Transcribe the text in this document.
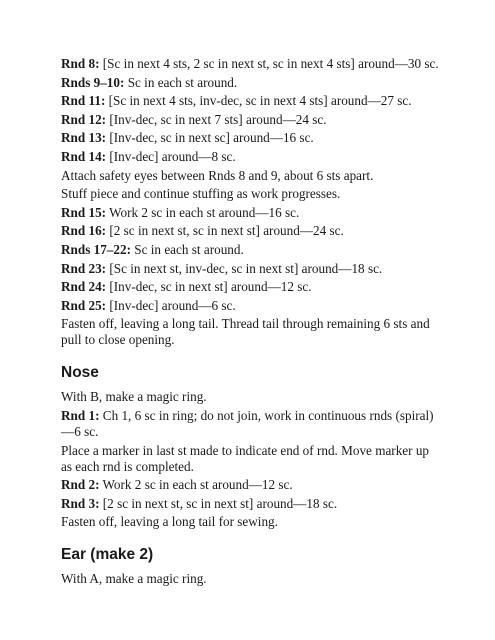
Rnd 8: [Sc in next 4 sts, 2 sc in next st, sc in next 4 sts] around—30 sc.

Rnds 9–10: Sc in each st around.

Rnd 11: [Sc in next 4 sts, inv-dec, sc in next 4 sts] around—27 sc.

Rnd 12: [Inv-dec, sc in next 7 sts] around—24 sc.

Rnd 13: [Inv-dec, sc in next sc] around—16 sc.

Rnd 14: [Inv-dec] around—8 sc.

Attach safety eyes between Rnds 8 and 9, about 6 sts apart.

Stuff piece and continue stuffing as work progresses.

Rnd 15: Work 2 sc in each st around—16 sc.

Rnd 16: [2 sc in next st, sc in next st] around—24 sc.

Rnds 17–22: Sc in each st around.

Rnd 23: [Sc in next st, inv-dec, sc in next st] around—18 sc.

Rnd 24: [Inv-dec, sc in next st] around—12 sc.

Rnd 25: [Inv-dec] around—6 sc.

Fasten off, leaving a long tail. Thread tail through remaining 6 sts and pull to close opening.

Nose

With B, make a magic ring.

Rnd 1: Ch 1, 6 sc in ring; do not join, work in continuous rnds (spiral)—6 sc.

Place a marker in last st made to indicate end of rnd. Move marker up as each rnd is completed.

Rnd 2: Work 2 sc in each st around—12 sc.

Rnd 3: [2 sc in next st, sc in next st] around—18 sc.

Fasten off, leaving a long tail for sewing.

Ear (make 2)

With A, make a magic ring.
